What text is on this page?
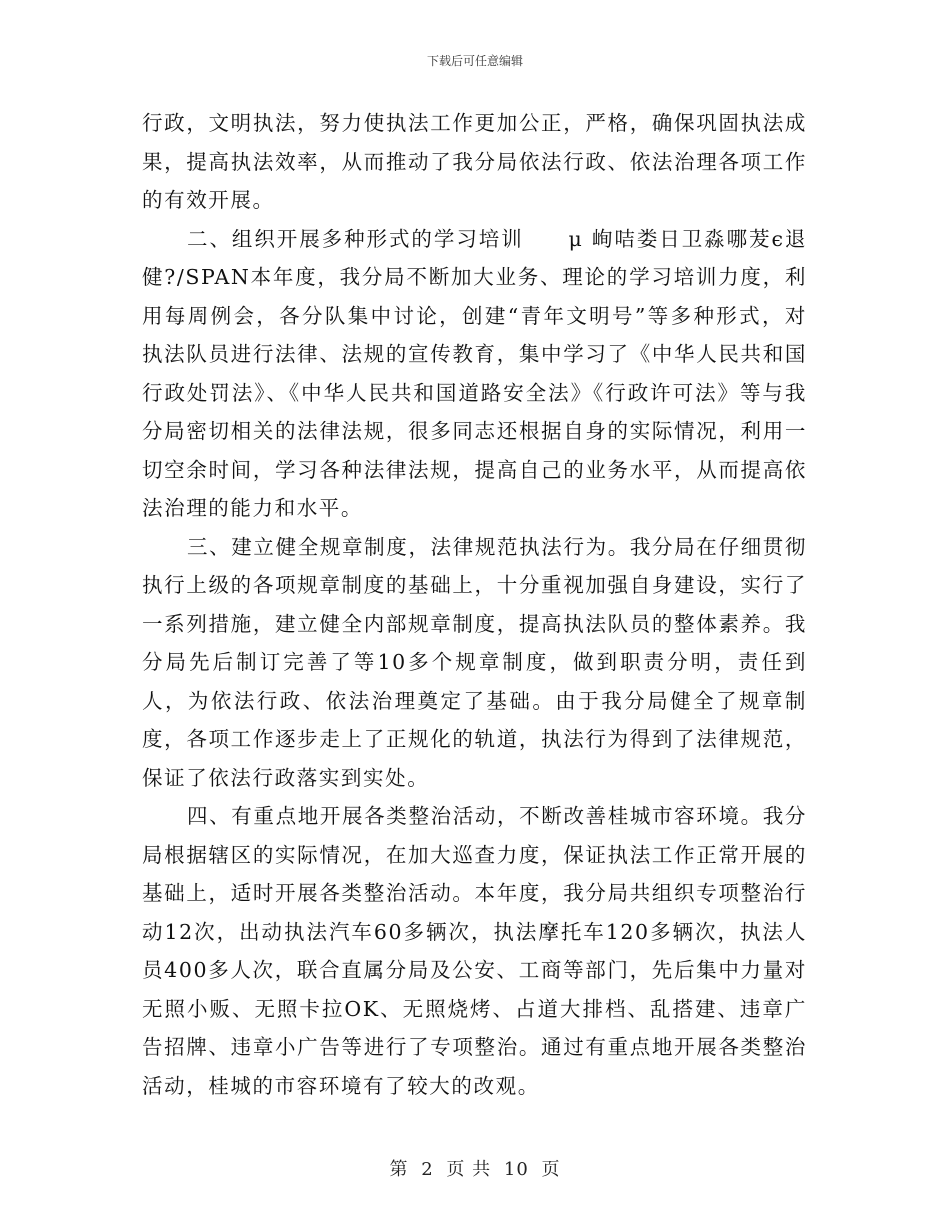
下载后可任意编辑

行政，文明执法，努力使执法工作更加公正，严格，确保巩固执法成果，提高执法效率，从而推动了我分局依法行政、依法治理各项工作的有效开展。

二、组织开展多种形式的学习培训　　μ 峋咭娄日卫淼哪茇ϵ退健?/SPAN本年度，我分局不断加大业务、理论的学习培训力度，利用每周例会，各分队集中讨论，创建“青年文明号”等多种形式，对执法队员进行法律、法规的宣传教育，集中学习了《中华人民共和国行政处罚法》、《中华人民共和国道路安全法》《行政许可法》等与我分局密切相关的法律法规，很多同志还根据自身的实际情况，利用一切空余时间，学习各种法律法规，提高自己的业务水平，从而提高依法治理的能力和水平。

三、建立健全规章制度，法律规范执法行为。我分局在仔细贯彻执行上级的各项规章制度的基础上，十分重视加强自身建设，实行了一系列措施，建立健全内部规章制度，提高执法队员的整体素养。我分局先后制订完善了等10多个规章制度，做到职责分明，责任到人，为依法行政、依法治理奠定了基础。由于我分局健全了规章制度，各项工作逐步走上了正规化的轨道，执法行为得到了法律规范，保证了依法行政落实到实处。

四、有重点地开展各类整治活动，不断改善桂城市容环境。我分局根据辖区的实际情况，在加大巡查力度，保证执法工作正常开展的基础上，适时开展各类整治活动。本年度，我分局共组织专项整治行动12次，出动执法汽车60多辆次，执法摩托车120多辆次，执法人员400多人次，联合直属分局及公安、工商等部门，先后集中力量对无照小贩、无照卡拉OK、无照烧烤、占道大排档、乱搭建、违章广告招牌、违章小广告等进行了专项整治。通过有重点地开展各类整治活动，桂城的市容环境有了较大的改观。

第 2 页 共 10 页
